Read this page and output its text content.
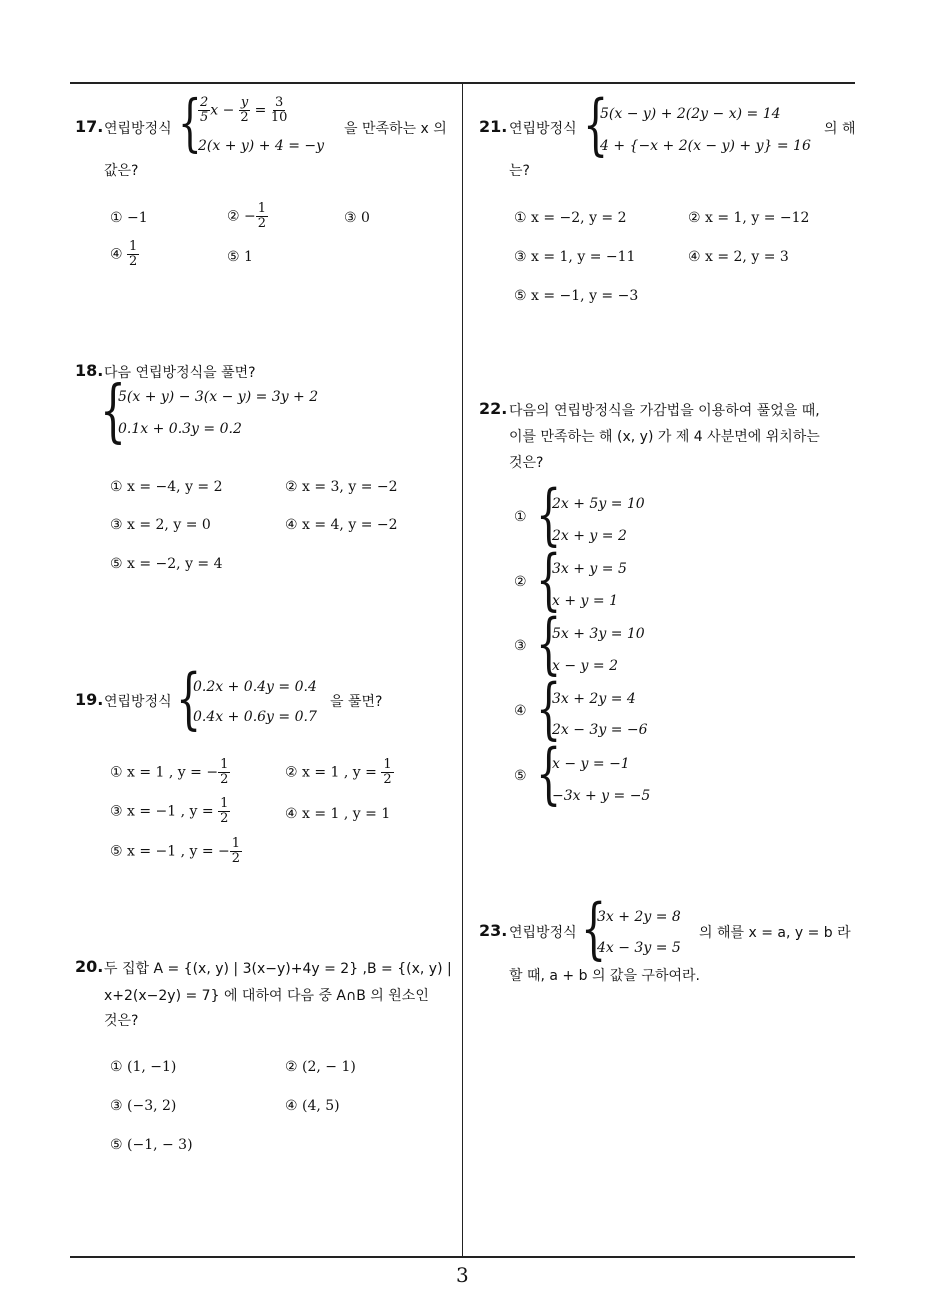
17. 연립방정식 {
$\frac{2}{5}$ $x - \frac{y}{2} = \frac{3}{10}$
2(x + y) + 4 = −y
을 만족하는 x 의
값은?
① −1	② − $\frac{1}{2}$	③ 0
④ $\frac{1}{2}$	⑤ 1
18. 다음 연립방정식을 풀면?
{
5(x + y) − 3(x − y) = 3y + 2
0.1x + 0.3y = 0.2
① x = −4, y = 2	② x = 3, y = −2
③ x = 2, y = 0	④ x = 4, y = −2
⑤ x = −2, y = 4
19. 연립방정식 {
0.2x + 0.4y = 0.4
0.4x + 0.6y = 0.7
을 풀면?
① x = 1 , y = − $\frac{1}{2}$	② x = 1 , $y = \frac{1}{2}$
③ x = −1 , $y = \frac{1}{2}$	④ x = 1 , y = 1
⑤ x = −1 , y = − $\frac{1}{2}$
20. 두 집합 A = {(x, y) | 3(x−y)+4y = 2} ,B = {(x, y) |
x+2(x−2y) = 7} 에 대하여 다음 중 A∩B 의 원소인
것은?
① (1, −1)	② (2, − 1)
③ (−3, 2)	④ (4, 5)
⑤ (−1, − 3)
21. 연립방정식 {
5(x − y) + 2(2y − x) = 14
4 + {−x + 2(x − y) + y} = 16
의 해
는?
① x = −2, y = 2	② x = 1, y = −12
③ x = 1, y = −11	④ x = 2, y = 3
⑤ x = −1, y = −3
22. 다음의 연립방정식을 가감법을 이용하여 풀었을 때,
이를 만족하는 해 (x, y) 가 제 4 사분면에 위치하는
것은?
① {
2x + 5y = 10
2x + y = 2
② {
3x + y = 5
x + y = 1
③ {
5x + 3y = 10
x − y = 2
④ {
3x + 2y = 4
2x − 3y = −6
⑤ {
x − y = −1
−3x + y = −5
23. 연립방정식 {
3x + 2y = 8
4x − 3y = 5
의 해를 x = a, y = b 라
할 때, a + b 의 값을 구하여라.
3
